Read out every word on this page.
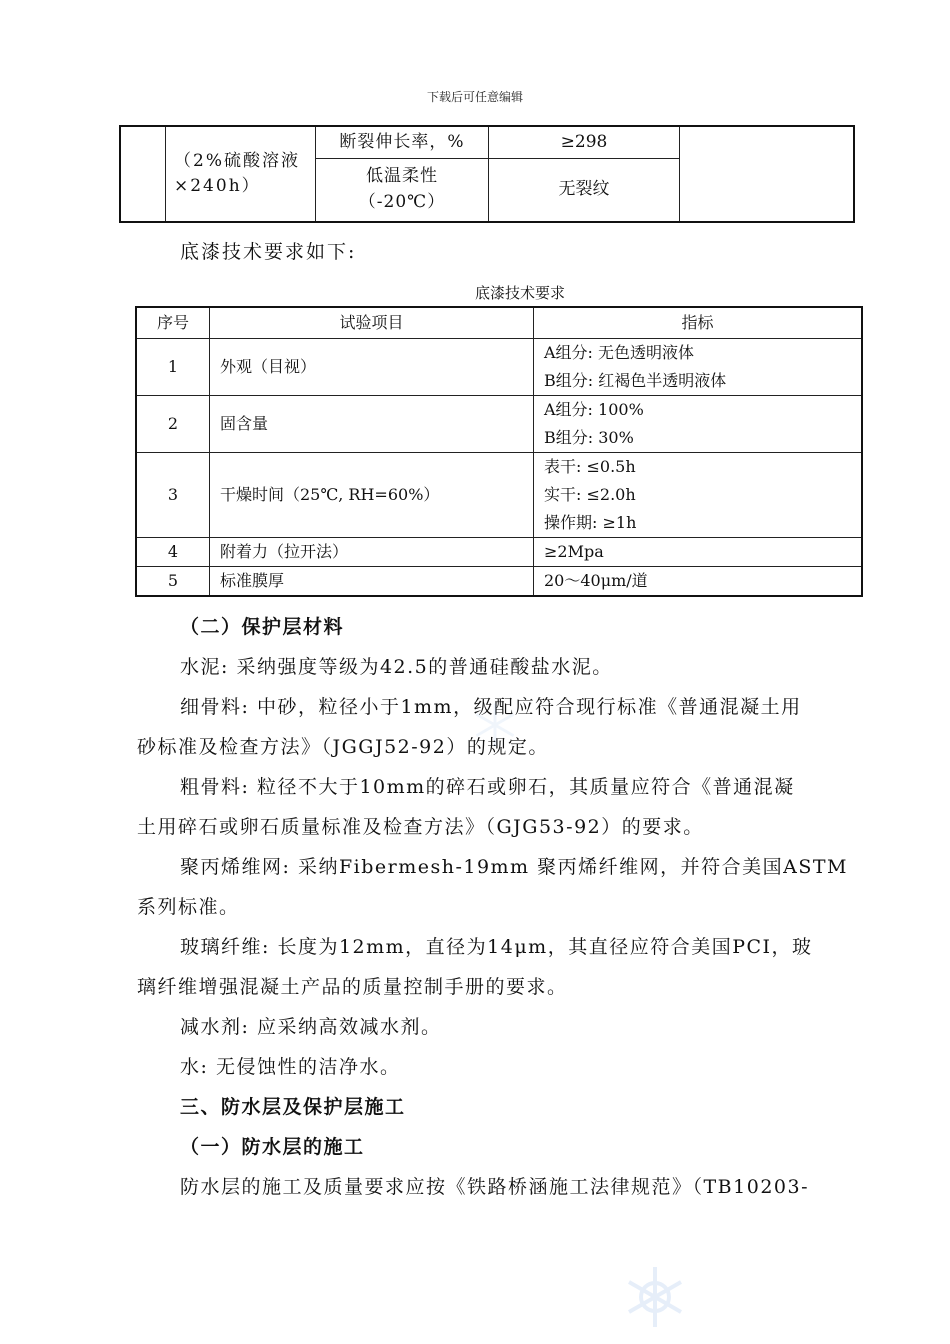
下载后可任意编辑
	（2%硫酸溶液×240h）	断裂伸长率，%	≥298	
		低温柔性（-20℃）	无裂纹	
底漆技术要求如下:
底漆技术要求
序号	试验项目	指标
1	外观（目视）	A组分: 无色透明液体
B组分: 红褐色半透明液体

2	固含量	A组分: 100%
B组分: 30%

3	干燥时间（25℃, RH=60%）	表干: ≤0.5h
实干: ≤2.0h
操作期: ≥1h

4	附着力（拉开法）	≥2Mpa

5	标准膜厚	20～40μm/道
（二）保护层材料
水泥: 采纳强度等级为42.5的普通硅酸盐水泥。
细骨料: 中砂，粒径小于1mm，级配应符合现行标准《普通混凝土用
砂标准及检查方法》（JGGJ52-92）的规定。
粗骨料: 粒径不大于10mm的碎石或卵石，其质量应符合《普通混凝
土用碎石或卵石质量标准及检查方法》（GJG53-92）的要求。
聚丙烯维网: 采纳Fibermesh-19mm 聚丙烯纤维网，并符合美国ASTM
系列标准。
玻璃纤维: 长度为12mm，直径为14μm，其直径应符合美国PCI，玻
璃纤维增强混凝土产品的质量控制手册的要求。
减水剂: 应采纳高效减水剂。
水: 无侵蚀性的洁净水。
三、防水层及保护层施工
（一）防水层的施工
防水层的施工及质量要求应按《铁路桥涵施工法律规范》（TB10203-
